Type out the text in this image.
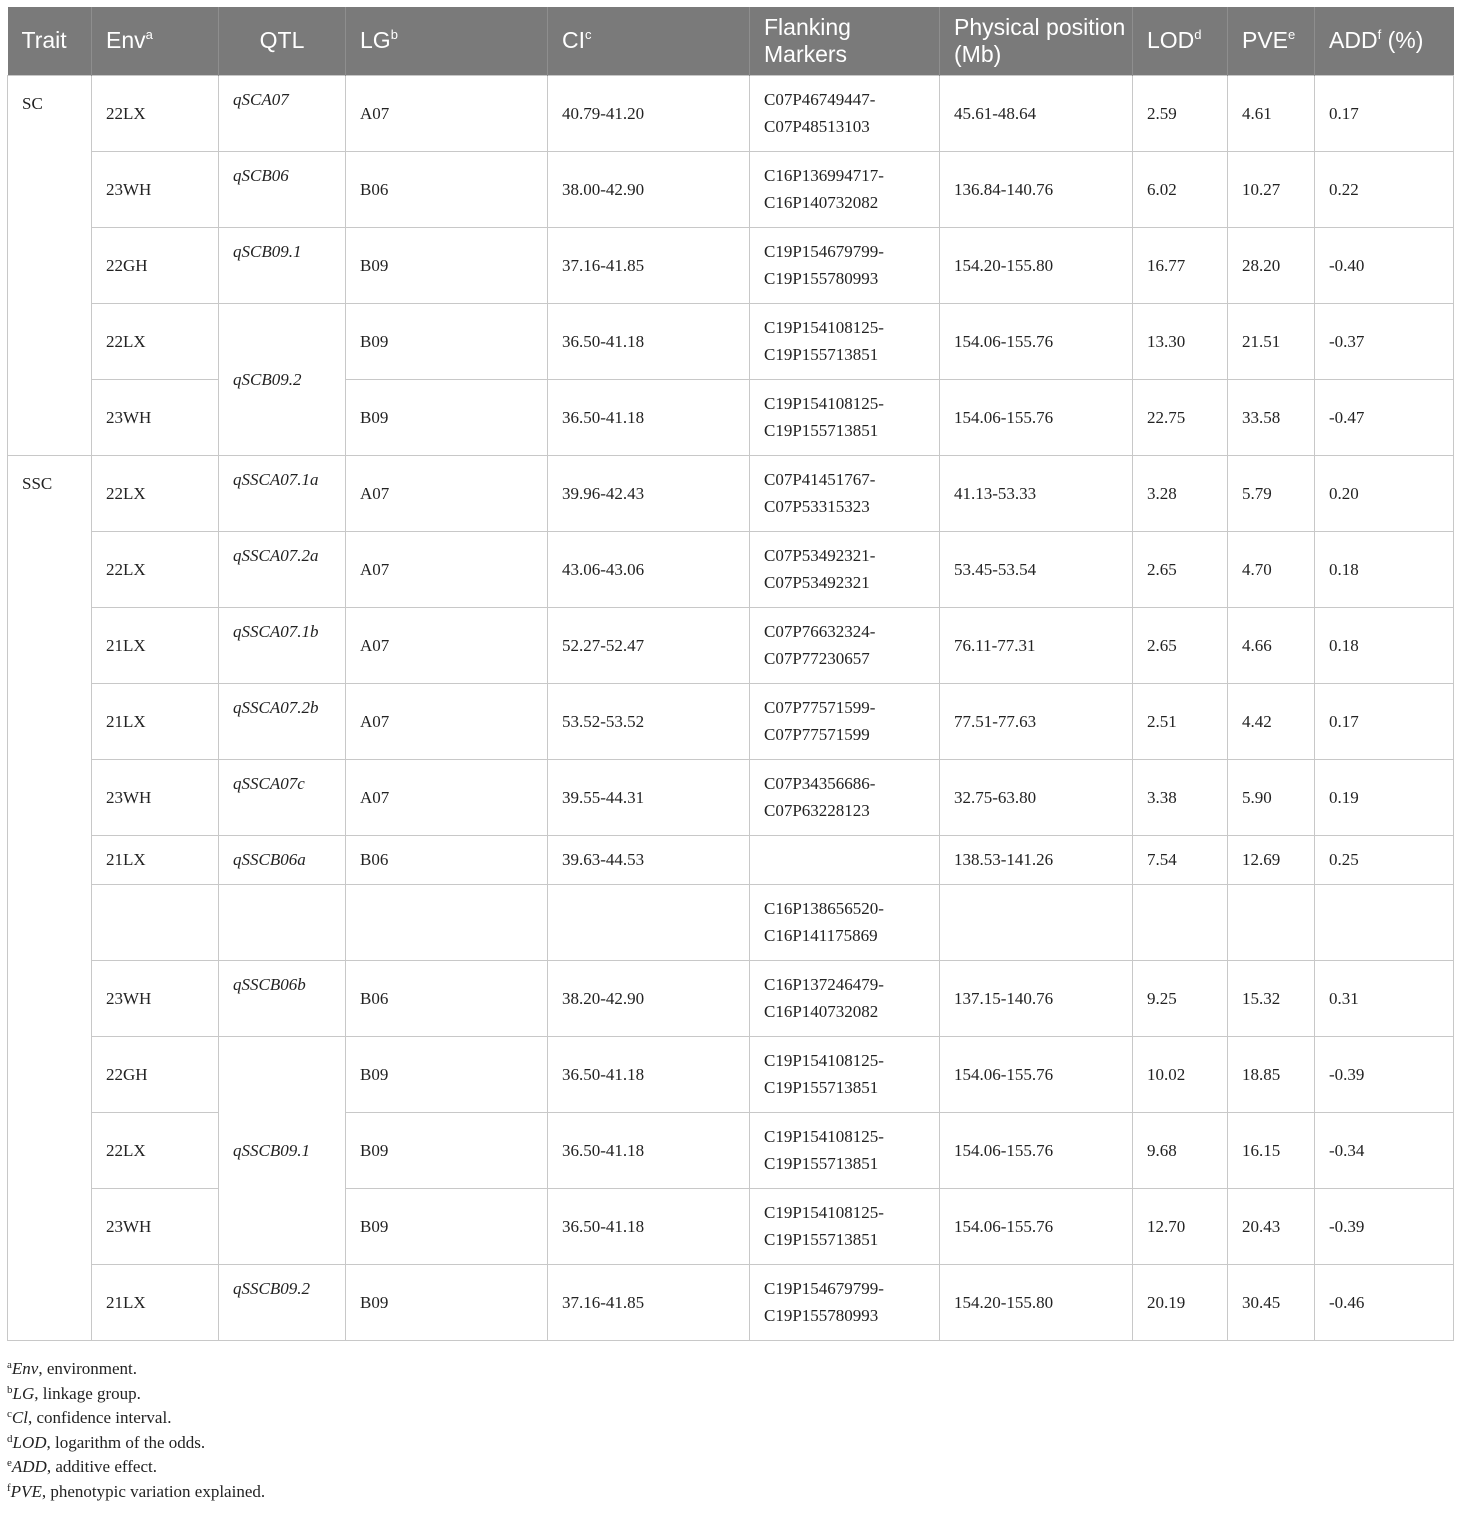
Trait	Env$^a$	QTL	$LG^b$	$CI^c$	Flanking Markers	Physical position (Mb)	LOD$^d$	PVE$^e$	ADD$^f$ (%)
SC	22LX	qSCA07	A07	40.79-41.20	C07P46749447-
C07P48513103	45.61-48.64	2.59	4.61	0.17
	23WH	qSCB06	B06	38.00-42.90	C16P136994717-
C16P140732082	136.84-140.76	6.02	10.27	0.22
	22GH	qSCB09.1	B09	37.16-41.85	C19P154679799-
C19P155780993	154.20-155.80	16.77	28.20	-0.40
	22LX	qSCB09.2	B09	36.50-41.18	C19P154108125-
C19P155713851	154.06-155.76	13.30	21.51	-0.37
	23WH		B09	36.50-41.18	C19P154108125-
C19P155713851	154.06-155.76	22.75	33.58	-0.47
SSC	22LX	qSSCA07.1a	A07	39.96-42.43	C07P41451767-
C07P53315323	41.13-53.33	3.28	5.79	0.20
	22LX	qSSCA07.2a	A07	43.06-43.06	C07P53492321-
C07P53492321	53.45-53.54	2.65	4.70	0.18
	21LX	qSSCA07.1b	A07	52.27-52.47	C07P76632324-
C07P77230657	76.11-77.31	2.65	4.66	0.18
	21LX	qSSCA07.2b	A07	53.52-53.52	C07P77571599-
C07P77571599	77.51-77.63	2.51	4.42	0.17
	23WH	qSSCA07c	A07	39.55-44.31	C07P34356686-
C07P63228123	32.75-63.80	3.38	5.90	0.19
	21LX	qSSCB06a	B06	39.63-44.53		138.53-141.26	7.54	12.69	0.25
					C16P138656520-
C16P141175869				
	23WH	qSSCB06b	B06	38.20-42.90	C16P137246479-
C16P140732082	137.15-140.76	9.25	15.32	0.31
	22GH	qSSCB09.1	B09	36.50-41.18	C19P154108125-
C19P155713851	154.06-155.76	10.02	18.85	-0.39
	22LX		B09	36.50-41.18	C19P154108125-
C19P155713851	154.06-155.76	9.68	16.15	-0.34
	23WH		B09	36.50-41.18	C19P154108125-
C19P155713851	154.06-155.76	12.70	20.43	-0.39
	21LX	qSSCB09.2	B09	37.16-41.85	C19P154679799-
C19P155780993	154.20-155.80	20.19	30.45	-0.46
$^a$Env, environment.
$^b$LG, linkage group.
$^c$Cl, confidence interval.
$^d$LOD, logarithm of the odds.
$^e$ADD, additive effect.
$^f$PVE, phenotypic variation explained.
